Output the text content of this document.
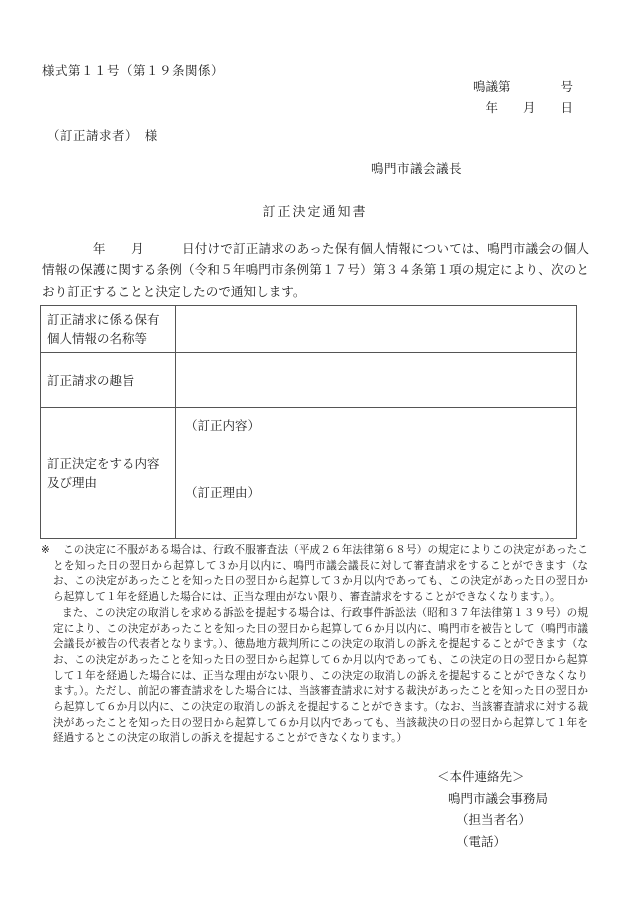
様式第１１号（第１９条関係）
鳴議第　　　　号
年　　月　　日
（訂正請求者）　様
鳴門市議会議長
訂正決定通知書
　　　　年　　月　　　日付けで訂正請求のあった保有個人情報については、鳴門市議会の個人情報の保護に関する条例（令和５年鳴門市条例第１７号）第３４条第１項の規定により、次のとおり訂正することと決定したので通知します。
訂正請求に係る保有個人情報の名称等	
訂正請求の趣旨	
訂正決定をする内容及び理由	（訂正内容）
（訂正理由）

※ この決定に不服がある場合は、行政不服審査法（平成２６年法律第６８号）の規定によりこの決定があったことを知った日の翌日から起算して３か月以内に、鳴門市議会議長に対して審査請求をすることができます（なお、この決定があったことを知った日の翌日から起算して３か月以内であっても、この決定があった日の翌日から起算して１年を経過した場合には、正当な理由がない限り、審査請求をすることができなくなります。）。

また、この決定の取消しを求める訴訟を提起する場合は、行政事件訴訟法（昭和３７年法律第１３９号）の規定により、この決定があったことを知った日の翌日から起算して６か月以内に、鳴門市を被告として（鳴門市議会議長が被告の代表者となります。）、徳島地方裁判所にこの決定の取消しの訴えを提起することができます（なお、この決定があったことを知った日の翌日から起算して６か月以内であっても、この決定の日の翌日から起算して１年を経過した場合には、正当な理由がない限り、この決定の取消しの訴えを提起することができなくなります。）。ただし、前記の審査請求をした場合には、当該審査請求に対する裁決があったことを知った日の翌日から起算して６か月以内に、この決定の取消しの訴えを提起することができます。（なお、当該審査請求に対する裁決があったことを知った日の翌日から起算して６か月以内であっても、当該裁決の日の翌日から起算して１年を経過するとこの決定の取消しの訴えを提起することができなくなります。）

＜本件連絡先＞
鳴門市議会事務局
（担当者名）
（電話）
